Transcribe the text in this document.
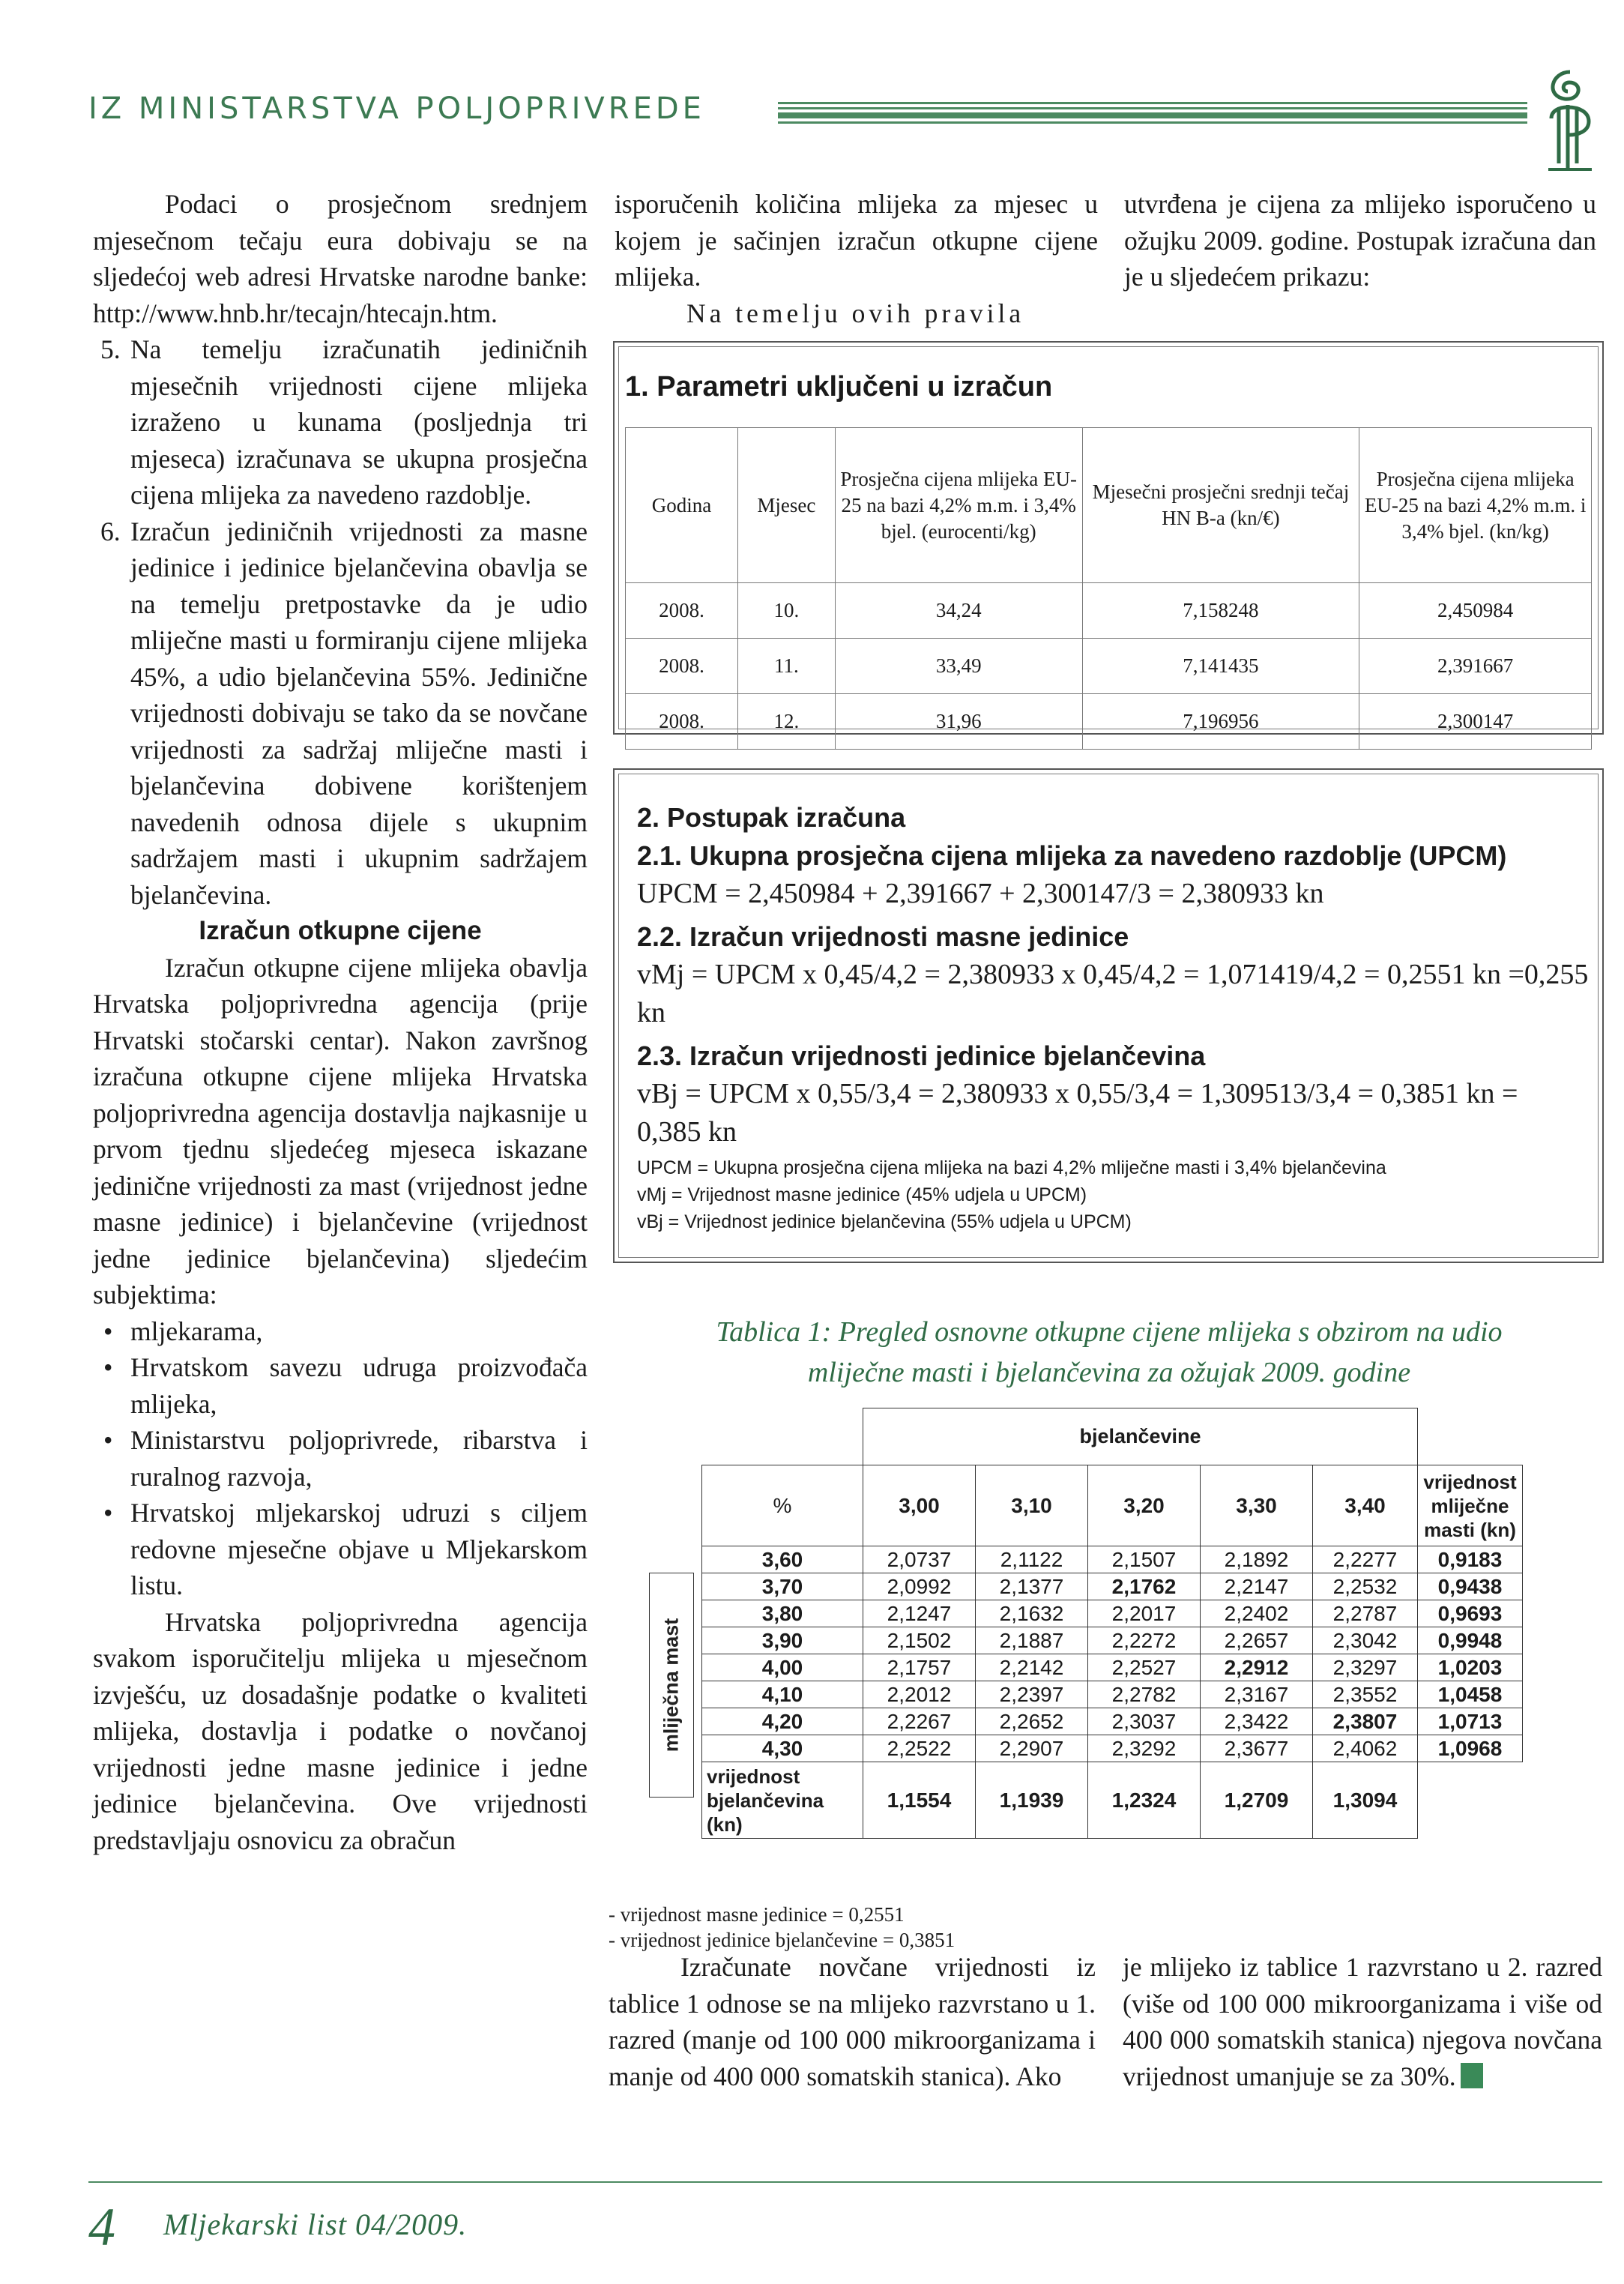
IZ MINISTARSTVA POLJOPRIVREDE

Podaci o prosječnom srednjem mjesečnom tečaju eura dobivaju se na sljedećoj web adresi Hrvatske narodne banke: http://www.hnb.hr/tecajn/htecajn.htm.

5. Na temelju izračunatih jediničnih mjesečnih vrijednosti cijene mlijeka izraženo u kunama (posljednja tri mjeseca) izračunava se ukupna prosječna cijena mlijeka za navedeno razdoblje.
6. Izračun jediničnih vrijednosti za masne jedinice i jedinice bjelančevina obavlja se na temelju pretpostavke da je udio mliječne masti u formiranju cijene mlijeka 45%, a udio bjelančevina 55%. Jedinične vrijednosti dobivaju se tako da se novčane vrijednosti za sadržaj mliječne masti i bjelančevina dobivene korištenjem navedenih odnosa dijele s ukupnim sadržajem masti i ukupnim sadržajem bjelančevina.

Izračun otkupne cijene

Izračun otkupne cijene mlijeka obavlja Hrvatska poljoprivredna agencija (prije Hrvatski stočarski centar). Nakon završnog izračuna otkupne cijene mlijeka Hrvatska poljoprivredna agencija dostavlja najkasnije u prvom tjednu sljedećeg mjeseca iskazane jedinične vrijednosti za mast (vrijednost jedne masne jedinice) i bjelančevine (vrijednost jedne jedinice bjelančevina) sljedećim subjektima:

• mljekarama,
• Hrvatskom savezu udruga proizvođača mlijeka,
• Ministarstvu poljoprivrede, ribarstva i ruralnog razvoja,
• Hrvatskoj mljekarskoj udruzi s ciljem redovne mjesečne objave u Mljekarskom listu.

Hrvatska poljoprivredna agencija svakom isporučitelju mlijeka u mjesečnom izvješću, uz dosadašnje podatke o kvaliteti mlijeka, dostavlja i podatke o novčanoj vrijednosti jedne masne jedinice i jedne jedinice bjelančevina. Ove vrijednosti predstavljaju osnovicu za obračun

isporučenih količina mlijeka za mjesec u kojem je sačinjen izračun otkupne cijene mlijeka.

Na temelju ovih pravila

utvrđena je cijena za mlijeko isporučeno u ožujku 2009. godine. Postupak izračuna dan je u sljedećem prikazu:

1. Parametri uključeni u izračun
Godina	Mjesec	Prosječna cijena mlijeka EU-25 na bazi 4,2% m.m. i 3,4% bjel. (eurocenti/kg)	Mjesečni prosječni srednji tečaj HN B-a (kn/€)	Prosječna cijena mlijeka EU-25 na bazi 4,2% m.m. i 3,4% bjel. (kn/kg)
2008.	10.	34,24	7,158248	2,450984
2008.	11.	33,49	7,141435	2,391667
2008.	12.	31,96	7,196956	2,300147
2. Postupak izračuna
2.1. Ukupna prosječna cijena mlijeka za navedeno razdoblje (UPCM)
UPCM = 2,450984 + 2,391667 + 2,300147/3 = 2,380933 kn
2.2. Izračun vrijednosti masne jedinice
vMj = UPCM x 0,45/4,2 = 2,380933 x 0,45/4,2 = 1,071419/4,2 = 0,2551 kn =0,255 kn
2.3. Izračun vrijednosti jedinice bjelančevina
vBj = UPCM x 0,55/3,4 = 2,380933 x 0,55/3,4 = 1,309513/3,4 = 0,3851 kn = 0,385 kn
UPCM = Ukupna prosječna cijena mlijeka na bazi 4,2% mliječne masti i 3,4% bjelančevina
vMj = Vrijednost masne jedinice (45% udjela u UPCM)
vBj = Vrijednost jedinice bjelančevina (55% udjela u UPCM)
Tablica 1: Pregled osnovne otkupne cijene mlijeka s obzirom na udio
mliječne masti i bjelančevina za ožujak 2009. godine
mliječna mast
	bjelančevine					
%	3,00	3,10	3,20	3,30	3,40	vrijednost mliječne masti (kn)
3,60	2,0737	2,1122	2,1507	2,1892	2,2277	0,9183
3,70	2,0992	2,1377	2,1762	2,2147	2,2532	0,9438
3,80	2,1247	2,1632	2,2017	2,2402	2,2787	0,9693
3,90	2,1502	2,1887	2,2272	2,2657	2,3042	0,9948
4,00	2,1757	2,2142	2,2527	2,2912	2,3297	1,0203
4,10	2,2012	2,2397	2,2782	2,3167	2,3552	1,0458
4,20	2,2267	2,2652	2,3037	2,3422	2,3807	1,0713
4,30	2,2522	2,2907	2,3292	2,3677	2,4062	1,0968
vrijednost bjelančevina (kn)	1,1554	1,1939	1,2324	1,2709	1,3094	
- vrijednost masne jedinice = 0,2551
- vrijednost jedinice bjelančevine = 0,3851

Izračunate novčane vrijednosti iz tablice 1 odnose se na mlijeko razvrstano u 1. razred (manje od 100 000 mikroorganizama i manje od 400 000 somatskih stanica). Ako

je mlijeko iz tablice 1 razvrstano u 2. razred (više od 100 000 mikroorganizama i više od 400 000 somatskih stanica) njegova novčana vrijednost umanjuje se za 30%.

4 Mljekarski list 04/2009.
